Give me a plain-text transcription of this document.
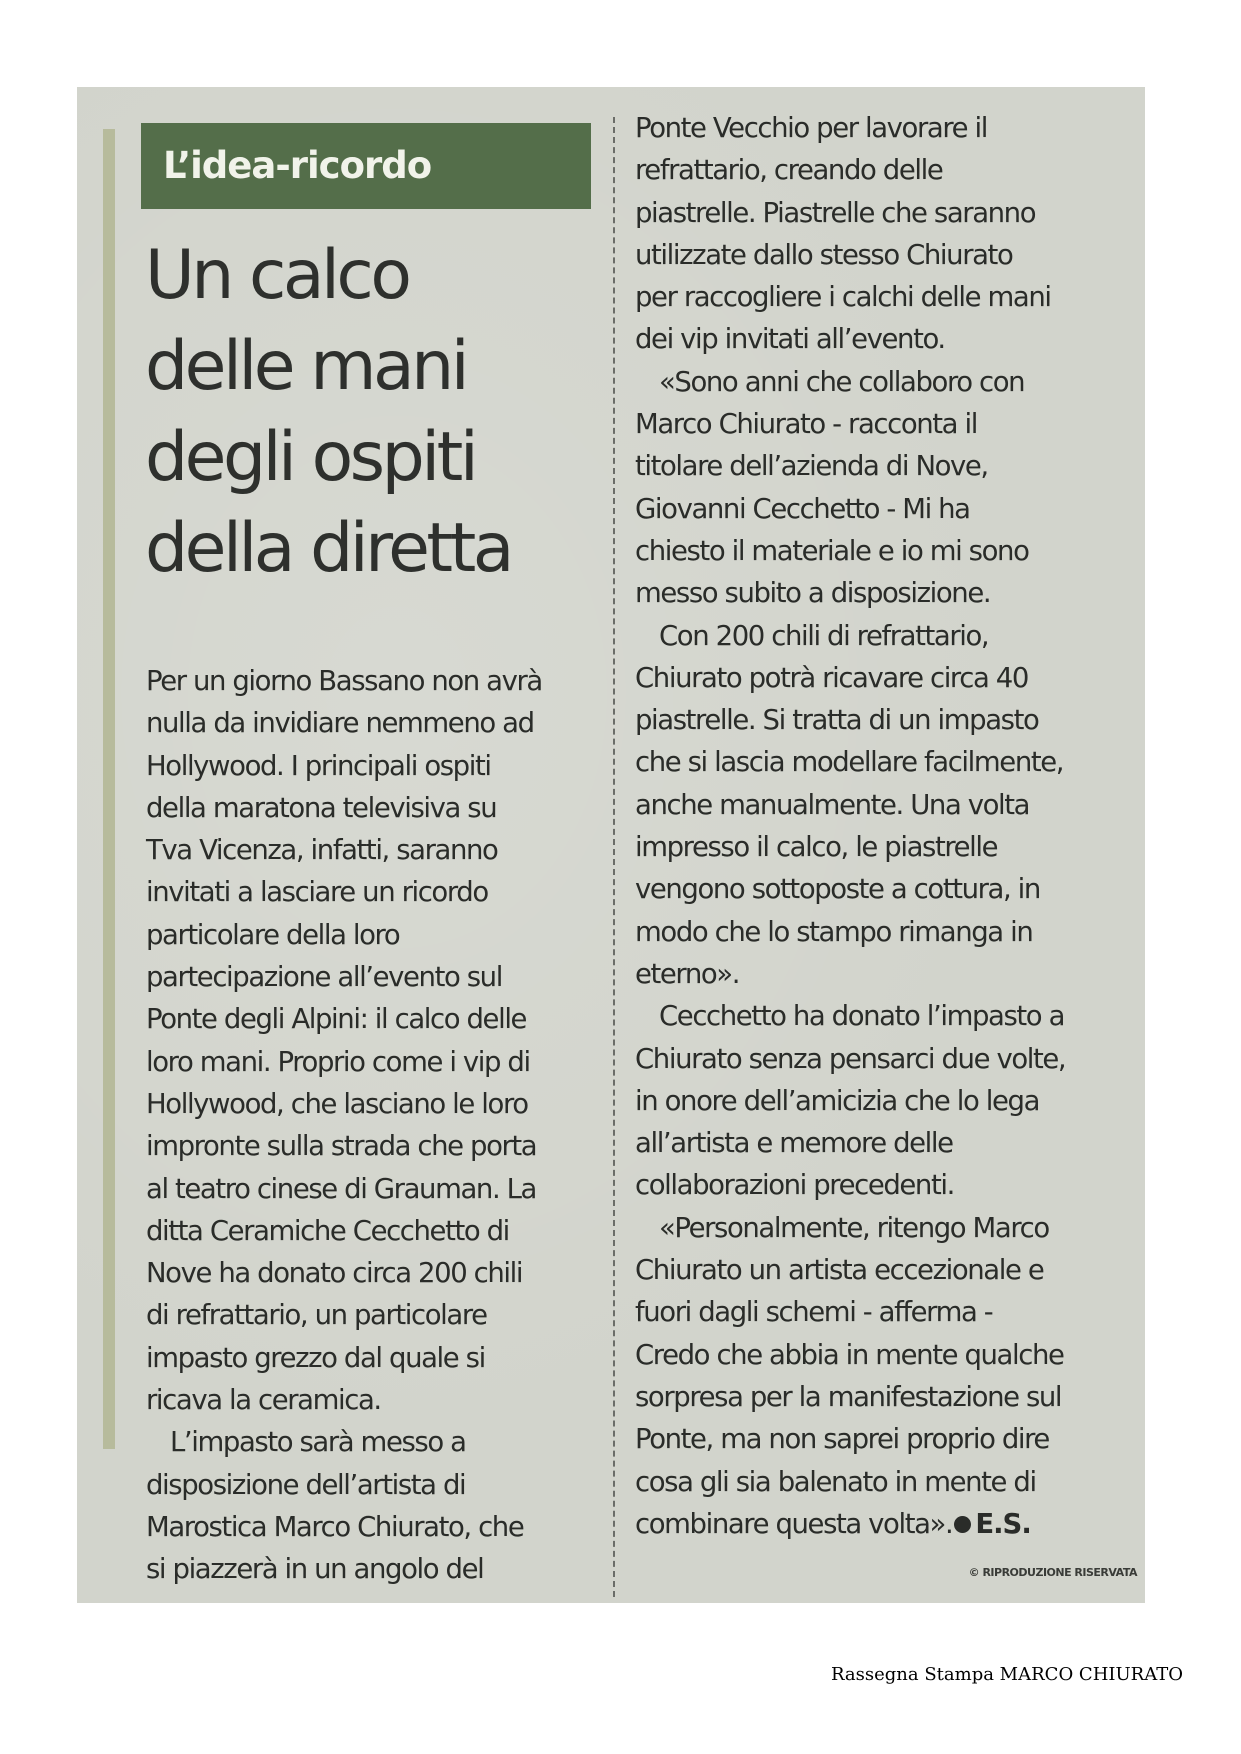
L’idea-ricordo
Un calco
delle mani
degli ospiti
della diretta
Per un giorno Bassano non avrà
nulla da invidiare nemmeno ad
Hollywood. I principali ospiti
della maratona televisiva su
Tva Vicenza, infatti, saranno
invitati a lasciare un ricordo
particolare della loro
partecipazione all’evento sul
Ponte degli Alpini: il calco delle
loro mani. Proprio come i vip di
Hollywood, che lasciano le loro
impronte sulla strada che porta
al teatro cinese di Grauman. La
ditta Ceramiche Cecchetto di
Nove ha donato circa 200 chili
di refrattario, un particolare
impasto grezzo dal quale si
ricava la ceramica.
L’impasto sarà messo a
disposizione dell’artista di
Marostica Marco Chiurato, che
si piazzerà in un angolo del
Ponte Vecchio per lavorare il
refrattario, creando delle
piastrelle. Piastrelle che saranno
utilizzate dallo stesso Chiurato
per raccogliere i calchi delle mani
dei vip invitati all’evento.
«Sono anni che collaboro con
Marco Chiurato - racconta il
titolare dell’azienda di Nove,
Giovanni Cecchetto - Mi ha
chiesto il materiale e io mi sono
messo subito a disposizione.
Con 200 chili di refrattario,
Chiurato potrà ricavare circa 40
piastrelle. Si tratta di un impasto
che si lascia modellare facilmente,
anche manualmente. Una volta
impresso il calco, le piastrelle
vengono sottoposte a cottura, in
modo che lo stampo rimanga in
eterno».
Cecchetto ha donato l’impasto a
Chiurato senza pensarci due volte,
in onore dell’amicizia che lo lega
all’artista e memore delle
collaborazioni precedenti.
«Personalmente, ritengo Marco
Chiurato un artista eccezionale e
fuori dagli schemi - afferma -
Credo che abbia in mente qualche
sorpresa per la manifestazione sul
Ponte, ma non saprei proprio dire
cosa gli sia balenato in mente di
combinare questa volta». E.S.
© RIPRODUZIONE RISERVATA
Rassegna Stampa MARCO CHIURATO
